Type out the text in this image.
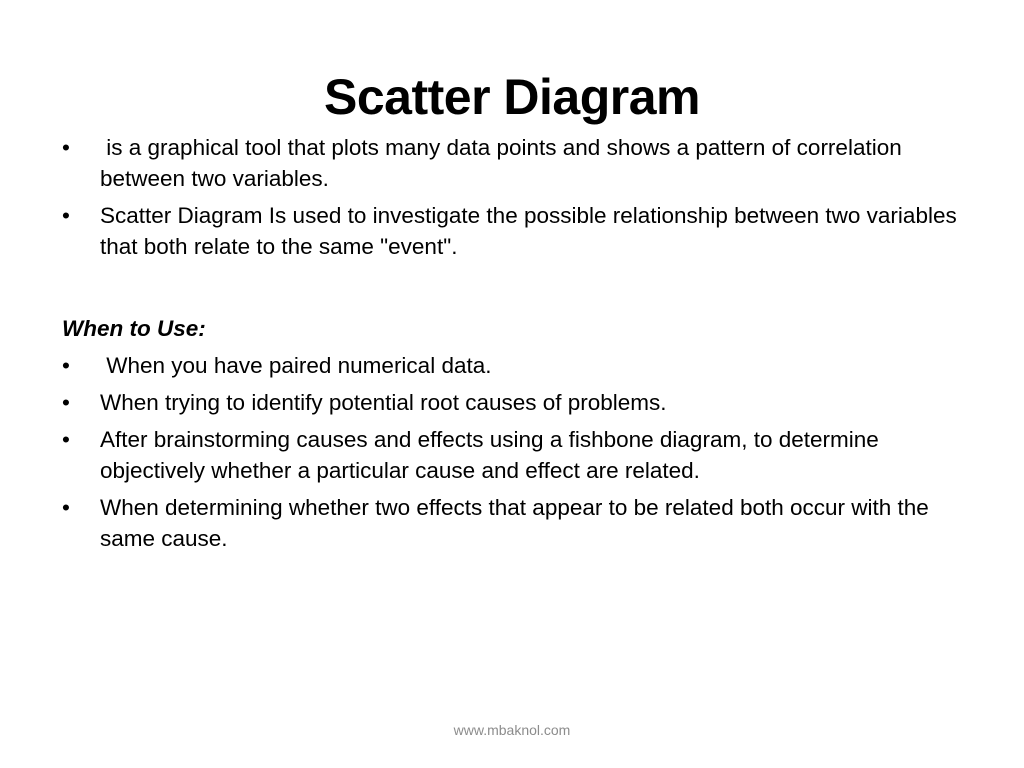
Scatter Diagram
• is a graphical tool that plots many data points and shows a pattern of correlation between two variables.
• Scatter Diagram Is used to investigate the possible relationship between two variables that both relate to the same "event".

When to Use:

• When you have paired numerical data.
• When trying to identify potential root causes of problems.
• After brainstorming causes and effects using a fishbone diagram, to determine objectively whether a particular cause and effect are related.
• When determining whether two effects that appear to be related both occur with the same cause.
www.mbaknol.com
